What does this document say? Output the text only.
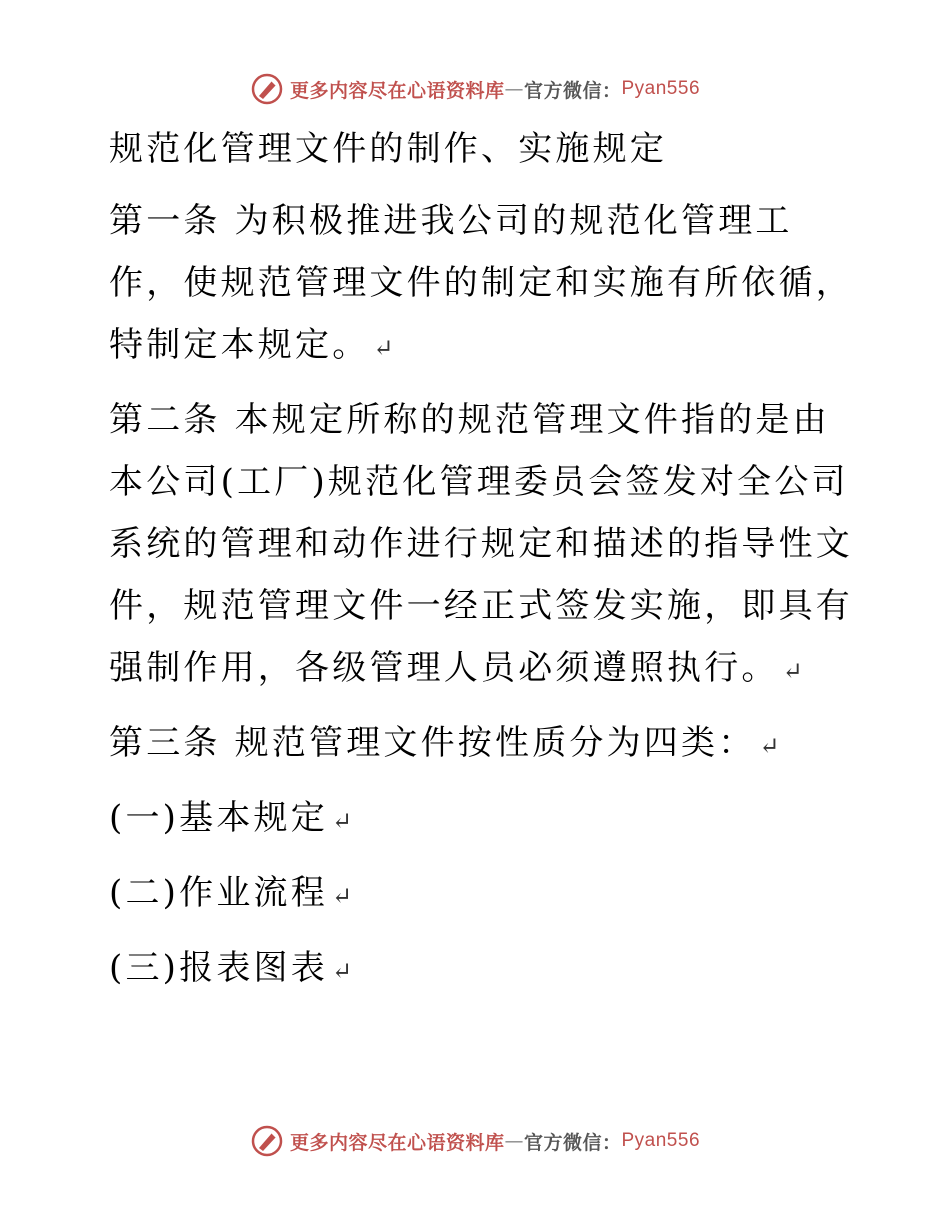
更多内容尽在心语资料库 — 官方微信： Pyan556

规范化管理文件的制作、实施规定

第一条 为积极推进我公司的规范化管理工作，使规范管理文件的制定和实施有所依循，特制定本规定。 ↵

第二条 本规定所称的规范管理文件指的是由本公司(工厂)规范化管理委员会签发对全公司系统的管理和动作进行规定和描述的指导性文件，规范管理文件一经正式签发实施，即具有强制作用，各级管理人员必须遵照执行。 ↵

第三条 规范管理文件按性质分为四类： ↵

(一)基本规定 ↵

(二)作业流程 ↵

(三)报表图表 ↵

更多内容尽在心语资料库 — 官方微信： Pyan556
